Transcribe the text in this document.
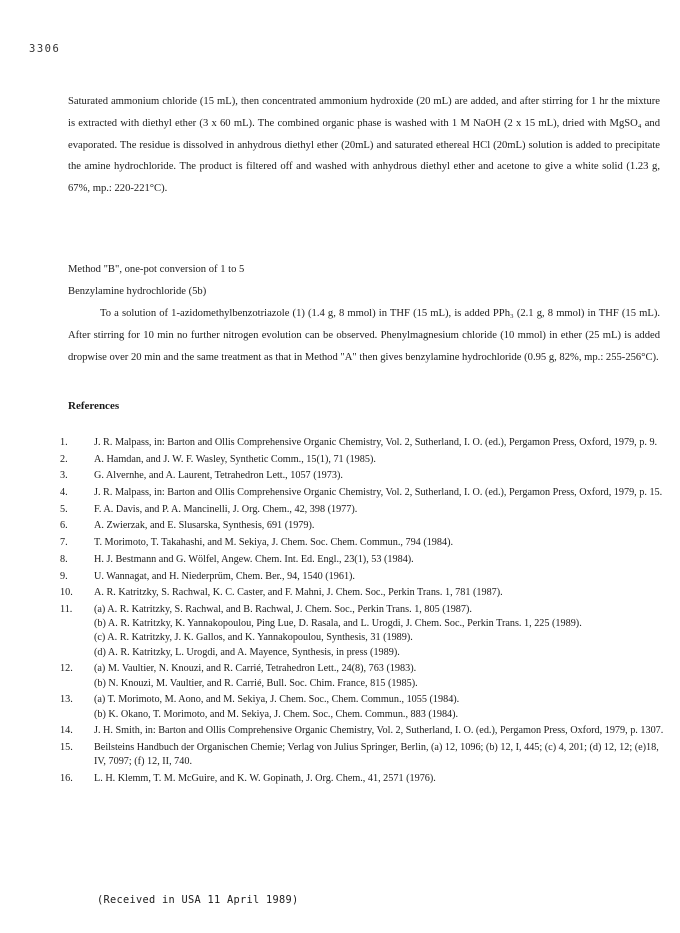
3306
Saturated ammonium chloride (15 mL), then concentrated ammonium hydroxide (20 mL) are added, and after stirring for 1 hr the mixture is extracted with diethyl ether (3 x 60 mL). The combined organic phase is washed with 1 M NaOH (2 x 15 mL), dried with MgSO₄ and evaporated. The residue is dissolved in anhydrous diethyl ether (20mL) and saturated ethereal HCl (20mL) solution is added to precipitate the amine hydrochloride. The product is filtered off and washed with anhydrous diethyl ether and acetone to give a white solid (1.23 g, 67%, mp.: 220-221°C).
Method "B", one-pot conversion of 1 to 5
Benzylamine hydrochloride (5b)
To a solution of 1-azidomethylbenzotriazole (1) (1.4 g, 8 mmol) in THF (15 mL), is added PPh₃ (2.1 g, 8 mmol) in THF (15 mL). After stirring for 10 min no further nitrogen evolution can be observed. Phenylmagnesium chloride (10 mmol) in ether (25 mL) is added dropwise over 20 min and the same treatment as that in Method "A" then gives benzylamine hydrochloride (0.95 g, 82%, mp.: 255-256°C).
References
1.	J. R. Malpass, in: Barton and Ollis Comprehensive Organic Chemistry, Vol. 2, Sutherland, I. O. (ed.), Pergamon Press, Oxford, 1979, p. 9.
2.	A. Hamdan, and J. W. F. Wasley, Synthetic Comm., 15(1), 71 (1985).
3.	G. Alvernhe, and A. Laurent, Tetrahedron Lett., 1057 (1973).
4.	J. R. Malpass, in: Barton and Ollis Comprehensive Organic Chemistry, Vol. 2, Sutherland, I. O. (ed.), Pergamon Press, Oxford, 1979, p. 15.
5.	F. A. Davis, and P. A. Mancinelli, J. Org. Chem., 42, 398 (1977).
6.	A. Zwierzak, and E. Slusarska, Synthesis, 691 (1979).
7.	T. Morimoto, T. Takahashi, and M. Sekiya, J. Chem. Soc. Chem. Commun., 794 (1984).
8.	H. J. Bestmann and G. Wölfel, Angew. Chem. Int. Ed. Engl., 23(1), 53 (1984).
9.	U. Wannagat, and H. Niederprüm, Chem. Ber., 94, 1540 (1961).
10. A. R. Katritzky, S. Rachwal, K. C. Caster, and F. Mahni, J. Chem. Soc., Perkin Trans. 1, 781 (1987).
11. (a) A. R. Katritzky, S. Rachwal, and B. Rachwal, J. Chem. Soc., Perkin Trans. 1, 805 (1987).
(b) A. R. Katritzky, K. Yannakopoulou, Ping Lue, D. Rasala, and L. Urogdi, J. Chem. Soc., Perkin Trans. 1, 225 (1989).
(c) A. R. Katritzky, J. K. Gallos, and K. Yannakopoulou, Synthesis, 31 (1989).
(d) A. R. Katritzky, L. Urogdi, and A. Mayence, Synthesis, in press (1989).
12. (a) M. Vaultier, N. Knouzi, and R. Carrié, Tetrahedron Lett., 24(8), 763 (1983).
(b) N. Knouzi, M. Vaultier, and R. Carrié, Bull. Soc. Chim. France, 815 (1985).
13. (a) T. Morimoto, M. Aono, and M. Sekiya, J. Chem. Soc., Chem. Commun., 1055 (1984).
(b) K. Okano, T. Morimoto, and M. Sekiya, J. Chem. Soc., Chem. Commun., 883 (1984).
14. J. H. Smith, in: Barton and Ollis Comprehensive Organic Chemistry, Vol. 2, Sutherland, I. O. (ed.), Pergamon Press, Oxford, 1979, p. 1307.
15. Beilsteins Handbuch der Organischen Chemie; Verlag von Julius Springer, Berlin, (a) 12, 1096; (b) 12, I, 445; (c) 4, 201; (d) 12, 12; (e)18, IV, 7097; (f) 12, II, 740.
16. L. H. Klemm, T. M. McGuire, and K. W. Gopinath, J. Org. Chem., 41, 2571 (1976).
(Received in USA 11 April 1989)
